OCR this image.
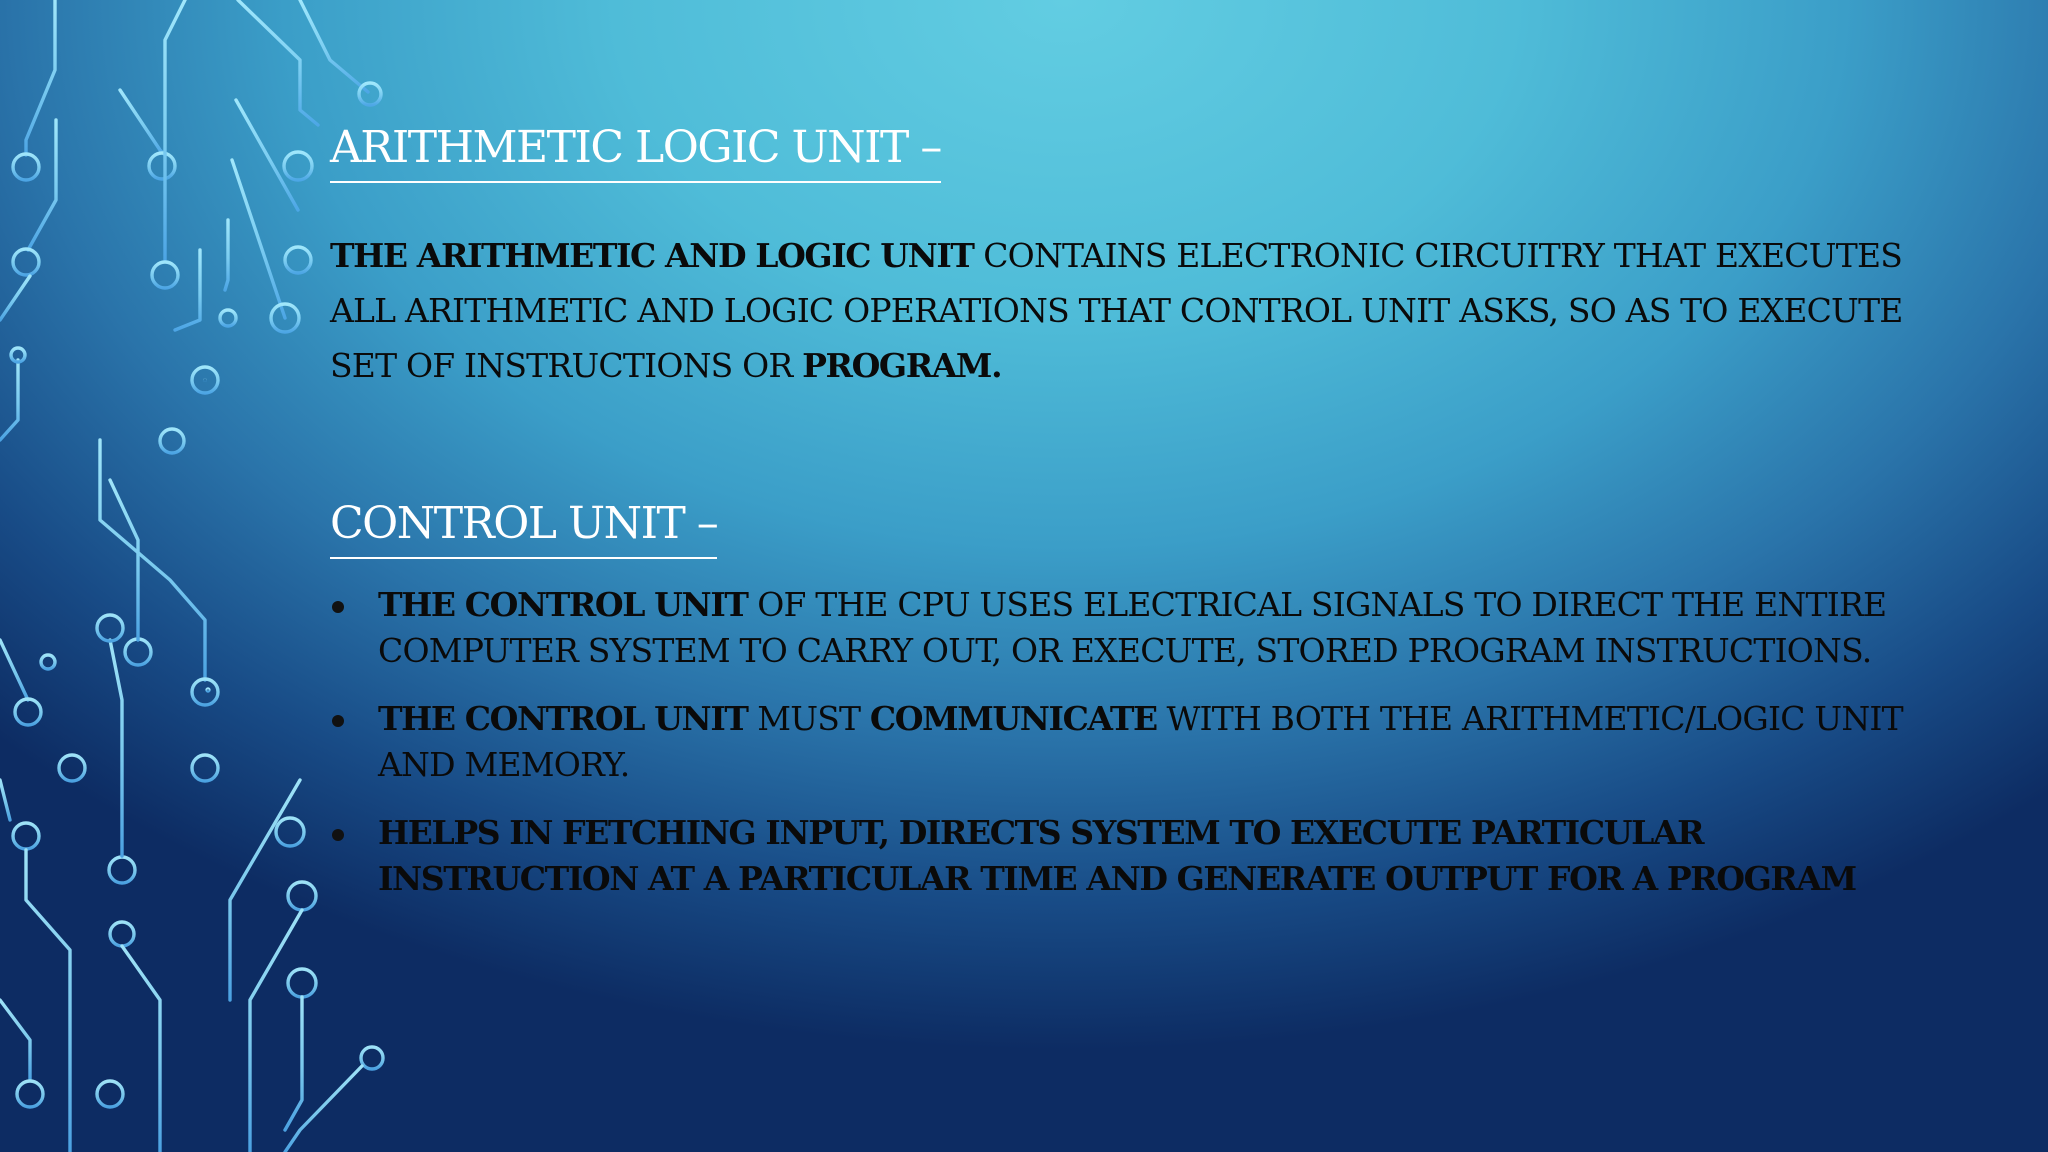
ARITHMETIC LOGIC UNIT –

THE ARITHMETIC AND LOGIC UNIT CONTAINS ELECTRONIC CIRCUITRY THAT EXECUTES ALL ARITHMETIC AND LOGIC OPERATIONS THAT CONTROL UNIT ASKS, SO AS TO EXECUTE SET OF INSTRUCTIONS OR PROGRAM.

CONTROL UNIT –
THE CONTROL UNIT OF THE CPU USES ELECTRICAL SIGNALS TO DIRECT THE ENTIRE COMPUTER SYSTEM TO CARRY OUT, OR EXECUTE, STORED PROGRAM INSTRUCTIONS.
THE CONTROL UNIT MUST COMMUNICATE WITH BOTH THE ARITHMETIC/LOGIC UNIT AND MEMORY.
HELPS IN FETCHING INPUT, DIRECTS SYSTEM TO EXECUTE PARTICULAR INSTRUCTION AT A PARTICULAR TIME AND GENERATE OUTPUT FOR A PROGRAM
